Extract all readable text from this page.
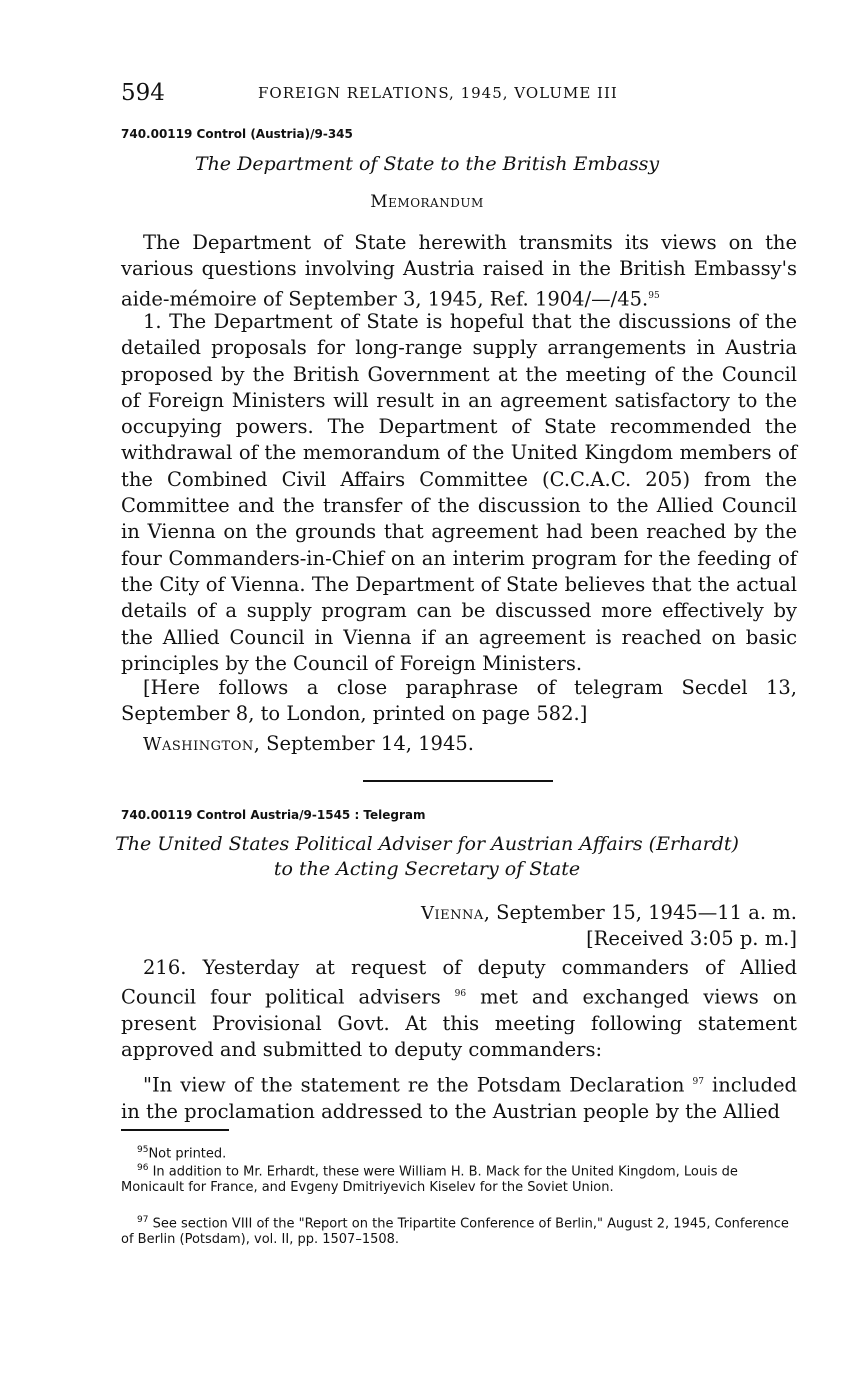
594	FOREIGN RELATIONS, 1945, VOLUME III
740.00119 Control (Austria)/9-345
The Department of State to the British Embassy
Memorandum
The Department of State herewith transmits its views on the various questions involving Austria raised in the British Embassy's aide-mémoire of September 3, 1945, Ref. 1904/—/45.95
1. The Department of State is hopeful that the discussions of the detailed proposals for long-range supply arrangements in Austria proposed by the British Government at the meeting of the Council of Foreign Ministers will result in an agreement satisfactory to the occupying powers. The Department of State recommended the withdrawal of the memorandum of the United Kingdom members of the Combined Civil Affairs Committee (C.C.A.C. 205) from the Committee and the transfer of the discussion to the Allied Council in Vienna on the grounds that agreement had been reached by the four Commanders-in-Chief on an interim program for the feeding of the City of Vienna. The Department of State believes that the actual details of a supply program can be discussed more effectively by the Allied Council in Vienna if an agreement is reached on basic principles by the Council of Foreign Ministers.
[Here follows a close paraphrase of telegram Secdel 13, September 8, to London, printed on page 582.]
Washington, September 14, 1945.
740.00119 Control Austria/9-1545 : Telegram
The United States Political Adviser for Austrian Affairs (Erhardt)
to the Acting Secretary of State
Vienna, September 15, 1945—11 a. m.
[Received 3:05 p. m.]
216. Yesterday at request of deputy commanders of Allied Council four political advisers $^{96}$ met and exchanged views on present Provisional Govt. At this meeting following statement approved and submitted to deputy commanders:
"In view of the statement re the Potsdam Declaration $^{97}$ included in the proclamation addressed to the Austrian people by the Allied
$^{95}$Not printed.
$^{96}$ In addition to Mr. Erhardt, these were William H. B. Mack for the United Kingdom, Louis de Monicault for France, and Evgeny Dmitriyevich Kiselev for the Soviet Union.
$^{97}$ See section VIII of the "Report on the Tripartite Conference of Berlin," August 2, 1945, Conference of Berlin (Potsdam), vol. II, pp. 1507–1508.
